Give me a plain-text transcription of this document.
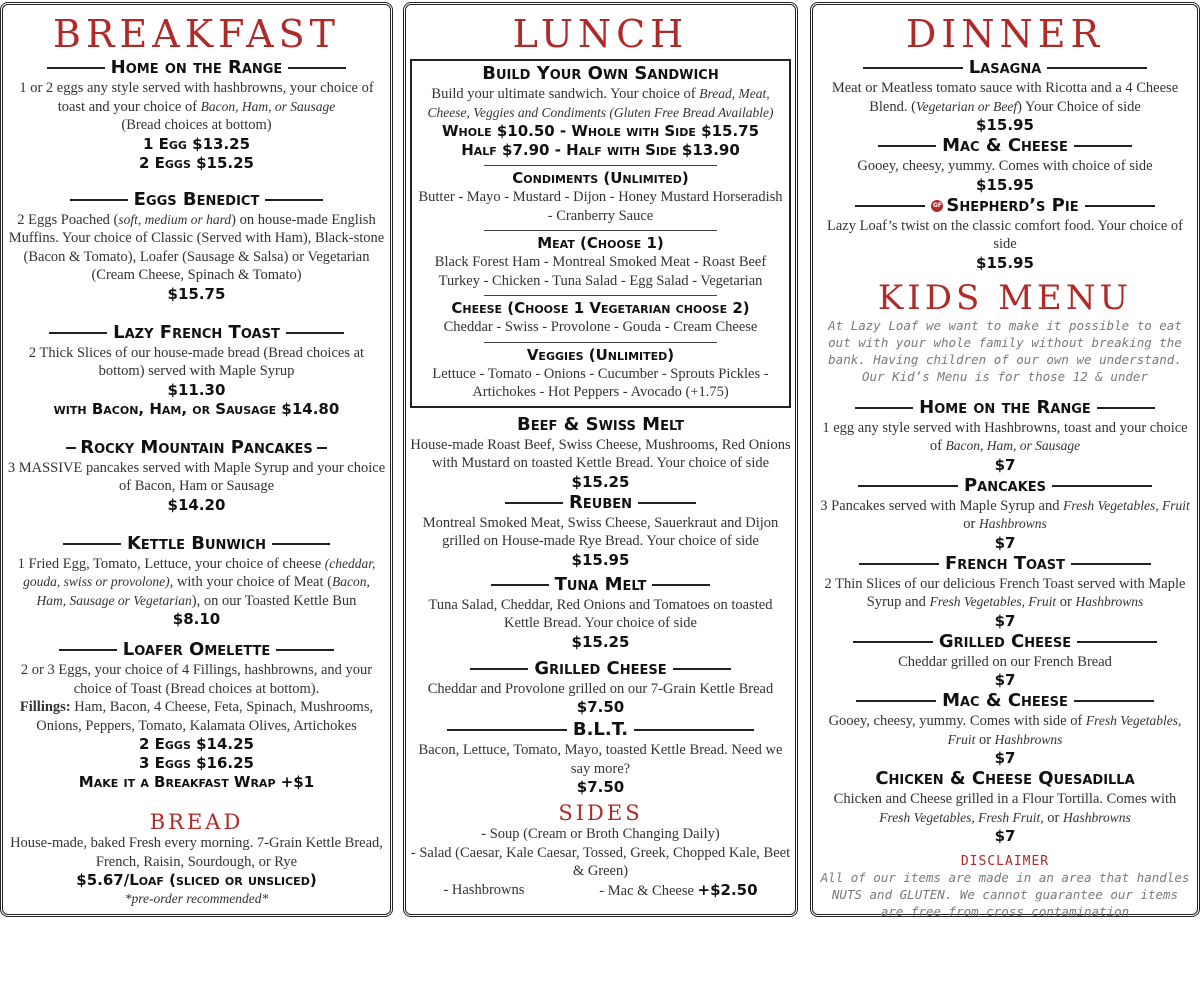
BREAKFAST
Home on the Range
1 or 2 eggs any style served with hashbrowns, your choice of toast and your choice of Bacon, Ham, or Sausage
(Bread choices at bottom)
1 Egg $13.25
2 Eggs $15.25
Eggs Benedict
2 Eggs Poached (soft, medium or hard) on house-made English Muffins. Your choice of Classic (Served with Ham), Black-stone (Bacon & Tomato), Loafer (Sausage & Salsa) or Vegetarian (Cream Cheese, Spinach & Tomato)
$15.75
Lazy French Toast
2 Thick Slices of our house-made bread (Bread choices at bottom) served with Maple Syrup
$11.30
with Bacon, Ham, or Sausage $14.80
Rocky Mountain Pancakes
3 MASSIVE pancakes served with Maple Syrup and your choice of Bacon, Ham or Sausage
$14.20
Kettle Bunwich
1 Fried Egg, Tomato, Lettuce, your choice of cheese (cheddar, gouda, swiss or provolone), with your choice of Meat (Bacon, Ham, Sausage or Vegetarian), on our Toasted Kettle Bun
$8.10
Loafer Omelette
2 or 3 Eggs, your choice of 4 Fillings, hashbrowns, and your choice of Toast (Bread choices at bottom).
Fillings: Ham, Bacon, 4 Cheese, Feta, Spinach, Mushrooms, Onions, Peppers, Tomato, Kalamata Olives, Artichokes
2 Eggs $14.25
3 Eggs $16.25
Make it a Breakfast Wrap +$1
BREAD
House-made, baked Fresh every morning. 7-Grain Kettle Bread, French, Raisin, Sourdough, or Rye
$5.67/Loaf (sliced or unsliced)
*pre-order recommended*
LUNCH
Build Your Own Sandwich
Build your ultimate sandwich. Your choice of Bread, Meat, Cheese, Veggies and Condiments (Gluten Free Bread Available)
Whole $10.50 - Whole with Side $15.75
Half $7.90 - Half with Side $13.90
Condiments (Unlimited)
Butter - Mayo - Mustard - Dijon - Honey Mustard Horseradish - Cranberry Sauce
Meat (Choose 1)
Black Forest Ham - Montreal Smoked Meat - Roast Beef Turkey - Chicken - Tuna Salad - Egg Salad - Vegetarian
Cheese (Choose 1 Vegetarian choose 2)
Cheddar - Swiss - Provolone - Gouda - Cream Cheese
Veggies (Unlimited)
Lettuce - Tomato - Onions - Cucumber - Sprouts Pickles - Artichokes - Hot Peppers - Avocado (+1.75)
Beef & Swiss Melt
House-made Roast Beef, Swiss Cheese, Mushrooms, Red Onions with Mustard on toasted Kettle Bread. Your choice of side
$15.25
Reuben
Montreal Smoked Meat, Swiss Cheese, Sauerkraut and Dijon grilled on House-made Rye Bread. Your choice of side
$15.95
Tuna Melt
Tuna Salad, Cheddar, Red Onions and Tomatoes on toasted Kettle Bread. Your choice of side
$15.25
Grilled Cheese
Cheddar and Provolone grilled on our 7-Grain Kettle Bread
$7.50
B.L.T.
Bacon, Lettuce, Tomato, Mayo, toasted Kettle Bread. Need we say more?
$7.50
SIDES
- Soup (Cream or Broth Changing Daily)
- Salad (Caesar, Kale Caesar, Tossed, Greek, Chopped Kale, Beet & Green)
- Hashbrowns	- Mac & Cheese +$2.50
DINNER
Lasagna
Meat or Meatless tomato sauce with Ricotta and a 4 Cheese Blend. (Vegetarian or Beef) Your Choice of side
$15.95
Mac & Cheese
Gooey, cheesy, yummy. Comes with choice of side
$15.95
GF Shepherd’s Pie
Lazy Loaf’s twist on the classic comfort food. Your choice of side
$15.95
KIDS MENU
At Lazy Loaf we want to make it possible to eat out with your whole family without breaking the bank. Having children of our own we understand. Our Kid’s Menu is for those 12 & under
Home on the Range
1 egg any style served with Hashbrowns, toast and your choice of Bacon, Ham, or Sausage
$7
Pancakes
3 Pancakes served with Maple Syrup and Fresh Vegetables, Fruit or Hashbrowns
$7
French Toast
2 Thin Slices of our delicious French Toast served with Maple Syrup and Fresh Vegetables, Fruit or Hashbrowns
$7
Grilled Cheese
Cheddar grilled on our French Bread
$7
Mac & Cheese
Gooey, cheesy, yummy. Comes with side of Fresh Vegetables, Fruit or Hashbrowns
$7
Chicken & Cheese Quesadilla
Chicken and Cheese grilled in a Flour Tortilla. Comes with Fresh Vegetables, Fresh Fruit, or Hashbrowns
$7
DISCLAIMER
All of our items are made in an area that handles NUTS and GLUTEN. We cannot guarantee our items are free from cross contamination
